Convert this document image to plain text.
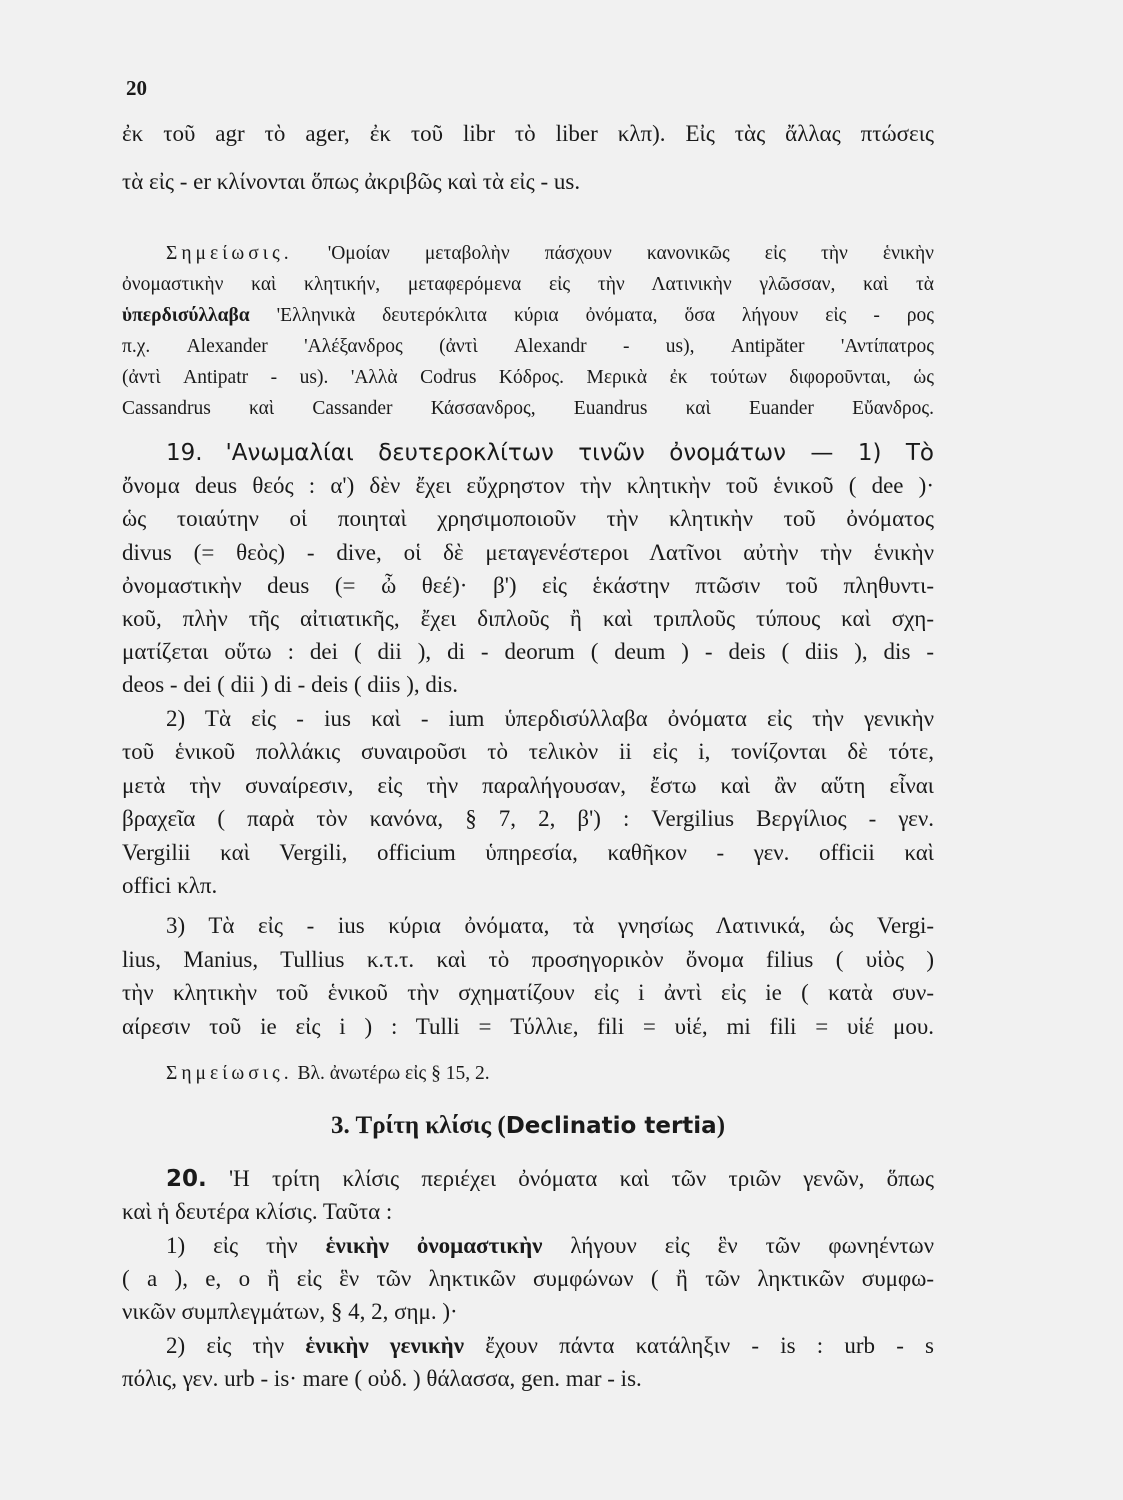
20
ἐκ τοῦ agr τὸ ager, ἐκ τοῦ libr τὸ liber κλπ). Εἰς τὰς ἄλλας πτώσεις
τὰ εἰς - er κλίνονται ὅπως ἀκριβῶς καὶ τὰ εἰς - us.
Σημείωσις. 'Ομοίαν μεταβολὴν πάσχουν κανονικῶς εἰς τὴν ἑνικὴν
ὀνομαστικὴν καὶ κλητικήν, μεταφερόμενα εἰς τὴν Λατινικὴν γλῶσσαν, καὶ τὰ
ὑπερδισύλλαβα 'Ελληνικὰ δευτερόκλιτα κύρια ὀνόματα, ὅσα λήγουν εἰς - ρος
π.χ. Alexander 'Αλέξανδρος (ἀντὶ Alexandr - us), Antipăter 'Αντίπατρος
(ἀντὶ Antipatr - us). 'Αλλὰ Codrus Κόδρος. Μερικὰ ἐκ τούτων διφοροῦνται, ὡς
Cassandrus καὶ Cassander Κάσσανδρος, Euandrus καὶ Euander Εὔανδρος.
19. 'Ανωμαλίαι δευτεροκλίτων τινῶν ὀνομάτων — 1) Τὸ
ὄνομα deus θεός : α') δὲν ἔχει εὔχρηστον τὴν κλητικὴν τοῦ ἑνικοῦ ( dee )·
ὡς τοιαύτην οἱ ποιηταὶ χρησιμοποιοῦν τὴν κλητικὴν τοῦ ὀνόματος
divus (= θεὸς) - dive, οἱ δὲ μεταγενέστεροι Λατῖνοι αὐτὴν τὴν ἑνικὴν
ὀνομαστικὴν deus (= ὦ θεέ)· β') εἰς ἑκάστην πτῶσιν τοῦ πληθυντι-
κοῦ, πλὴν τῆς αἰτιατικῆς, ἔχει διπλοῦς ἢ καὶ τριπλοῦς τύπους καὶ σχη-
ματίζεται οὕτω : dei ( dii ), di - deorum ( deum ) - deis ( diis ), dis -
deos - dei ( dii ) di - deis ( diis ), dis.
2) Τὰ εἰς - ius καὶ - ium ὑπερδισύλλαβα ὀνόματα εἰς τὴν γενικὴν
τοῦ ἑνικοῦ πολλάκις συναιροῦσι τὸ τελικὸν ii εἰς i, τονίζονται δὲ τότε,
μετὰ τὴν συναίρεσιν, εἰς τὴν παραλήγουσαν, ἔστω καὶ ἂν αὕτη εἶναι
βραχεῖα ( παρὰ τὸν κανόνα, § 7, 2, β') : Vergilius Βεργίλιος - γεν.
Vergilii καὶ Vergili, officium ὑπηρεσία, καθῆκον - γεν. officii καὶ
offici κλπ.
3) Τὰ εἰς - ius κύρια ὀνόματα, τὰ γνησίως Λατινικά, ὡς Vergi-
lius, Manius, Tullius κ.τ.τ. καὶ τὸ προσηγορικὸν ὄνομα filius ( υἱὸς )
τὴν κλητικὴν τοῦ ἑνικοῦ τὴν σχηματίζουν εἰς i ἀντὶ εἰς ie ( κατὰ συν-
αίρεσιν τοῦ ie εἰς i ) : Tulli = Τύλλιε, fili = υἱέ, mi fili = υἱέ μου.
Σημείωσις. Βλ. ἀνωτέρω εἰς § 15, 2.
3. Τρίτη κλίσις (Declinatio tertia)
20. 'Η τρίτη κλίσις περιέχει ὀνόματα καὶ τῶν τριῶν γενῶν, ὅπως
καὶ ἡ δευτέρα κλίσις. Ταῦτα :
1) εἰς τὴν ἑνικὴν ὀνομαστικὴν λήγουν εἰς ἓν τῶν φωνηέντων
( a ), e, o ἢ εἰς ἓν τῶν ληκτικῶν συμφώνων ( ἢ τῶν ληκτικῶν συμφω-
νικῶν συμπλεγμάτων, § 4, 2, σημ. )·
2) εἰς τὴν ἑνικὴν γενικὴν ἔχουν πάντα κατάληξιν - is : urb - s
πόλις, γεν. urb - is· mare ( οὐδ. ) θάλασσα, gen. mar - is.
